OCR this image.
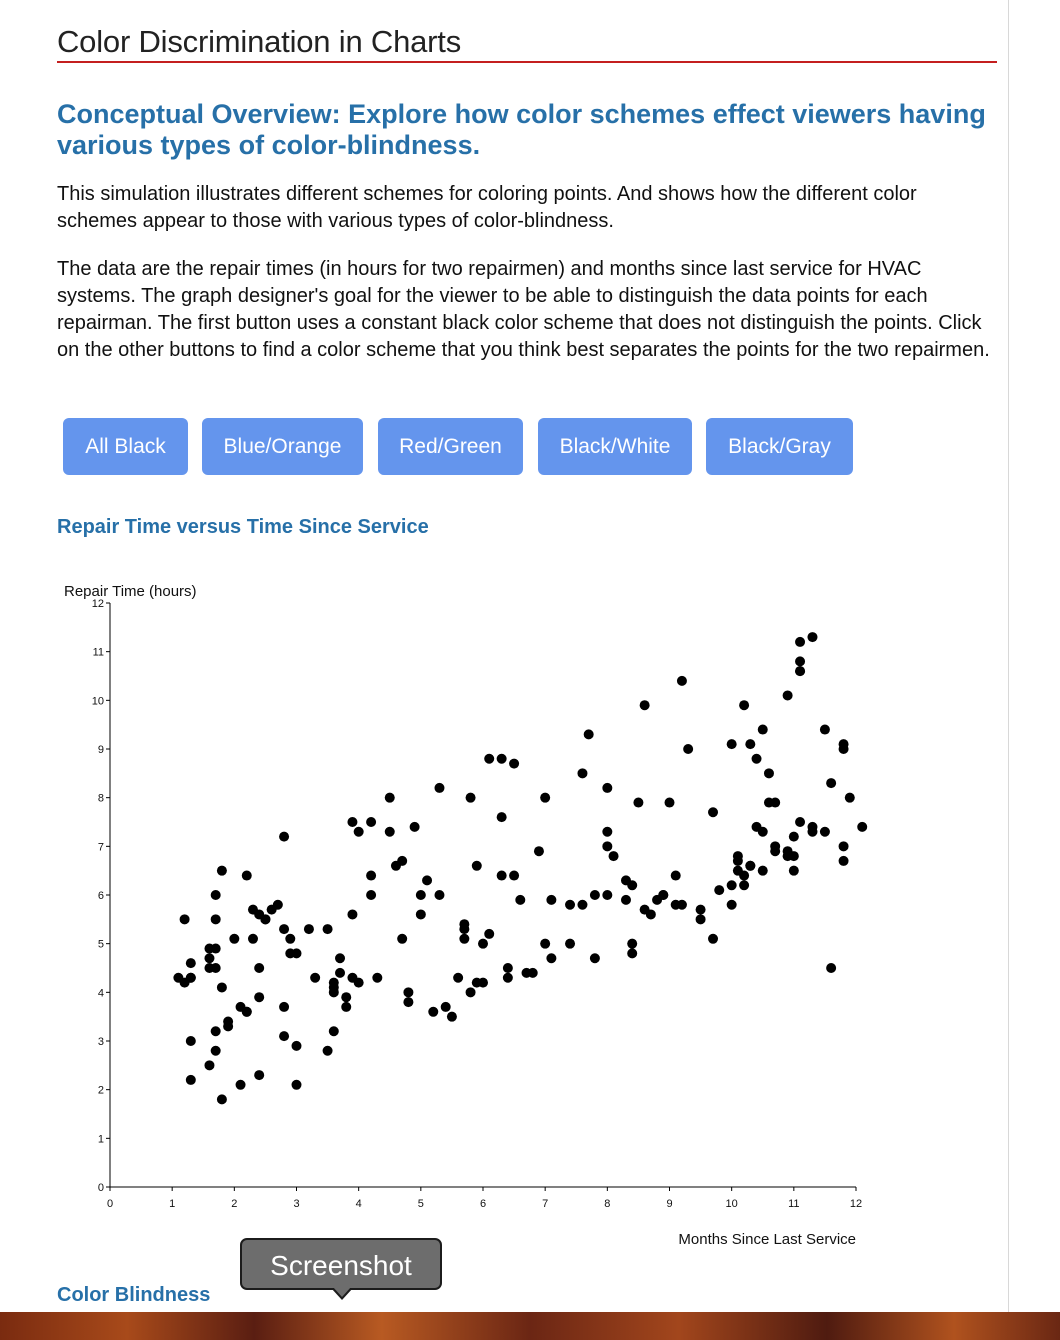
Color Discrimination in Charts
Conceptual Overview: Explore how color schemes effect viewers having various types of color-blindness.

This simulation illustrates different schemes for coloring points. And shows how the different color schemes appear to those with various types of color-blindness.

The data are the repair times (in hours for two repairmen) and months since last service for HVAC systems. The graph designer's goal for the viewer to be able to distinguish the data points for each repairman. The first button uses a constant black color scheme that does not distinguish the points. Click on the other buttons to find a color scheme that you think best separates the points for the two repairmen.

All Black	Blue/Orange	Red/Green	Black/White	Black/Gray
Repair Time versus Time Since Service
0
1
2
3
4
5
6
7
8
9
10
11
12
0	1	2	3	4	5	6	7	8	9	10	11	12
Repair Time (hours)
Months Since Last Service
Color Blindness
Screenshot
